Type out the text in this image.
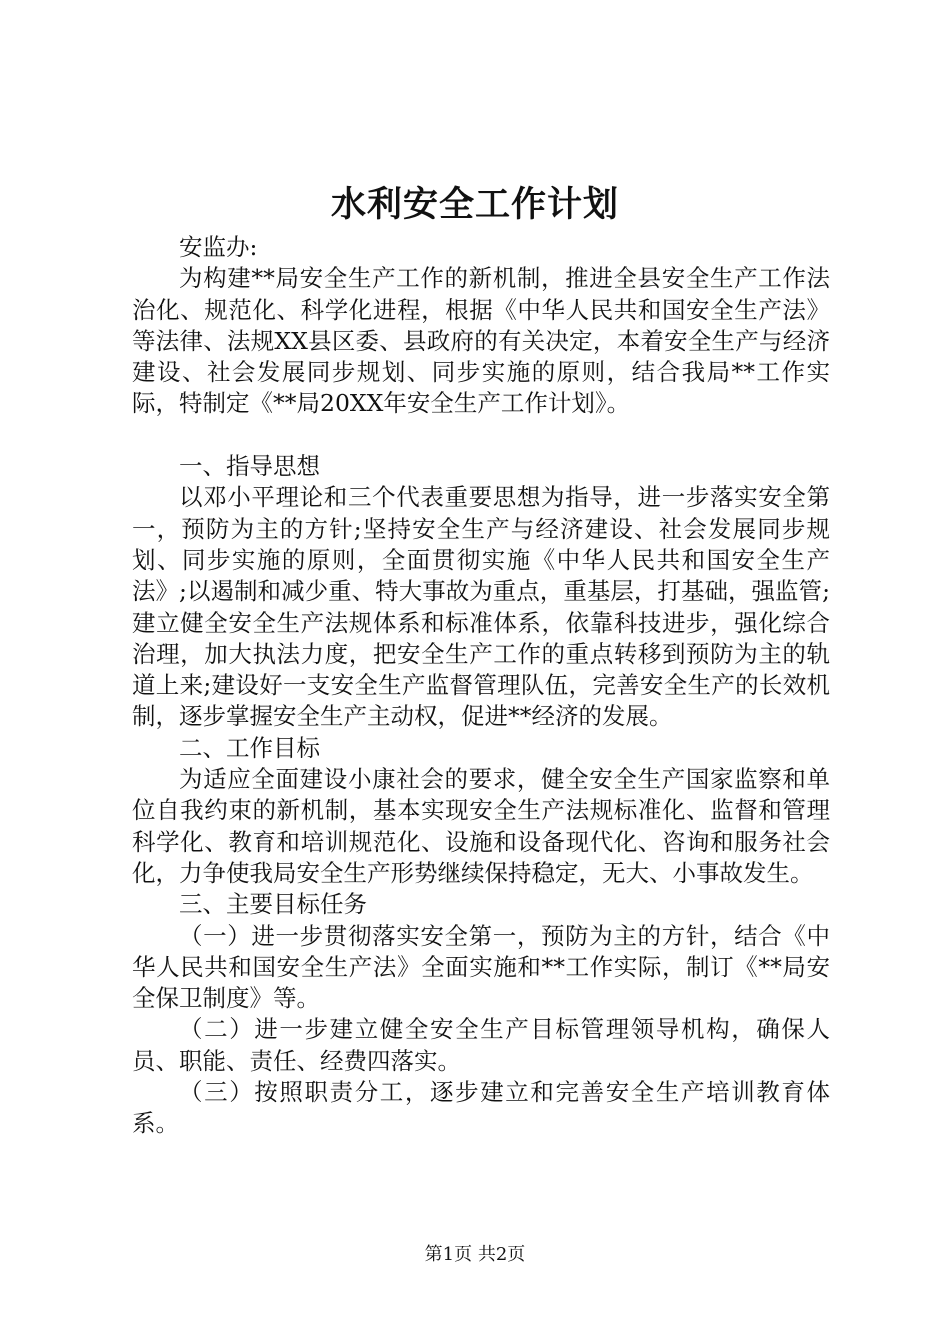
水利安全工作计划

安监办:

为构建**局安全生产工作的新机制，推进全县安全生产工作法治化、规范化、科学化进程，根据《中华人民共和国安全生产法》等法律、法规XX县区委、县政府的有关决定，本着安全生产与经济建设、社会发展同步规划、同步实施的原则，结合我局**工作实际，特制定《**局20XX年安全生产工作计划》。

一、指导思想

以邓小平理论和三个代表重要思想为指导，进一步落实安全第一，预防为主的方针;坚持安全生产与经济建设、社会发展同步规划、同步实施的原则，全面贯彻实施《中华人民共和国安全生产法》;以遏制和减少重、特大事故为重点，重基层，打基础，强监管;建立健全安全生产法规体系和标准体系，依靠科技进步，强化综合治理，加大执法力度，把安全生产工作的重点转移到预防为主的轨道上来;建设好一支安全生产监督管理队伍，完善安全生产的长效机制，逐步掌握安全生产主动权，促进**经济的发展。

二、工作目标

为适应全面建设小康社会的要求，健全安全生产国家监察和单位自我约束的新机制，基本实现安全生产法规标准化、监督和管理科学化、教育和培训规范化、设施和设备现代化、咨询和服务社会化，力争使我局安全生产形势继续保持稳定，无大、小事故发生。

三、主要目标任务

（一）进一步贯彻落实安全第一，预防为主的方针，结合《中华人民共和国安全生产法》全面实施和**工作实际，制订《**局安全保卫制度》等。

（二）进一步建立健全安全生产目标管理领导机构，确保人员、职能、责任、经费四落实。

（三）按照职责分工，逐步建立和完善安全生产培训教育体系。

第1页 共2页
